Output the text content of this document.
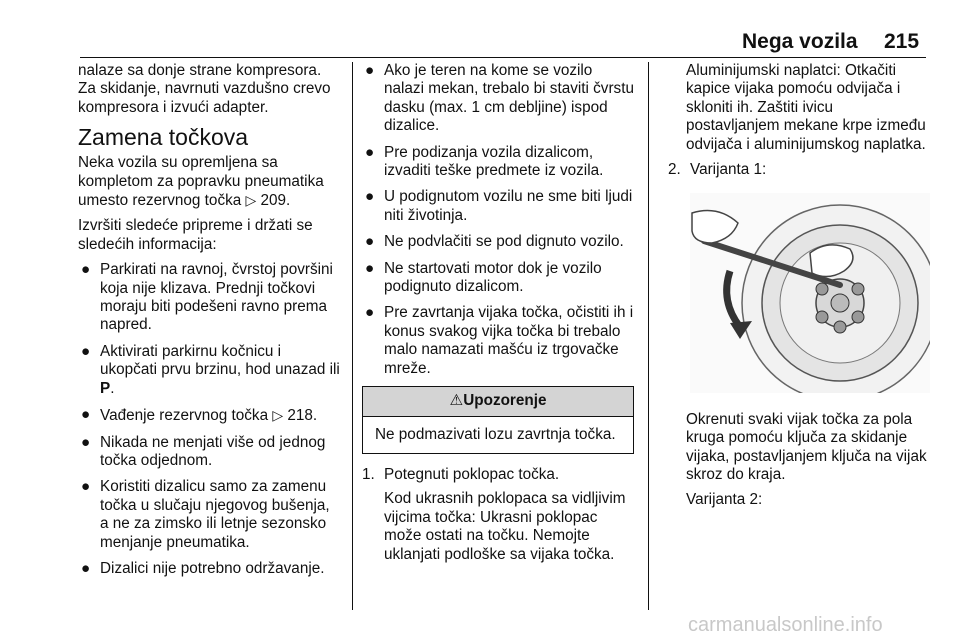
Nega vozila 215

nalaze sa donje strane kompresora. Za skidanje, navrnuti vazdušno crevo kompresora i izvući adapter.

Zamena točkova

Neka vozila su opremljena sa kompletom za popravku pneumatika umesto rezervnog točka ▷ 209.

Izvršiti sledeće pripreme i držati se sledećih informacija:

● Parkirati na ravnoj, čvrstoj površini koja nije klizava. Prednji točkovi moraju biti podešeni ravno prema napred.
● Aktivirati parkirnu kočnicu i ukopčati prvu brzinu, hod unazad ili P.
● Vađenje rezervnog točka ▷ 218.
● Nikada ne menjati više od jednog točka odjednom.
● Koristiti dizalicu samo za zamenu točka u slučaju njegovog bušenja, a ne za zimsko ili letnje sezonsko menjanje pneumatika.
● Dizalici nije potrebno održavanje.
● Ako je teren na kome se vozilo nalazi mekan, trebalo bi staviti čvrstu dasku (max. 1 cm debljine) ispod dizalice.
● Pre podizanja vozila dizalicom, izvaditi teške predmete iz vozila.
● U podignutom vozilu ne sme biti ljudi niti životinja.
● Ne podvlačiti se pod dignuto vozilo.
● Ne startovati motor dok je vozilo podignuto dizalicom.
● Pre zavrtanja vijaka točka, očistiti ih i konus svakog vijka točka bi trebalo malo namazati mašću iz trgovačke mreže.
⚠Upozorenje
Ne podmazivati lozu zavrtnja točka.
1. Potegnuti poklopac točka.
Kod ukrasnih poklopaca sa vidljivim vijcima točka: Ukrasni poklopac može ostati na točku. Nemojte uklanjati podloške sa vijaka točka.

Aluminijumski naplatci: Otkačiti kapice vijaka pomoću odvijača i skloniti ih. Zaštiti ivicu postavljanjem mekane krpe između odvijača i aluminijumskog naplatka.

2. Varijanta 1:

Okrenuti svaki vijak točka za pola kruga pomoću ključa za skidanje vijaka, postavljanjem ključa na vijak skroz do kraja.

Varijanta 2:

carmanualsonline.info
